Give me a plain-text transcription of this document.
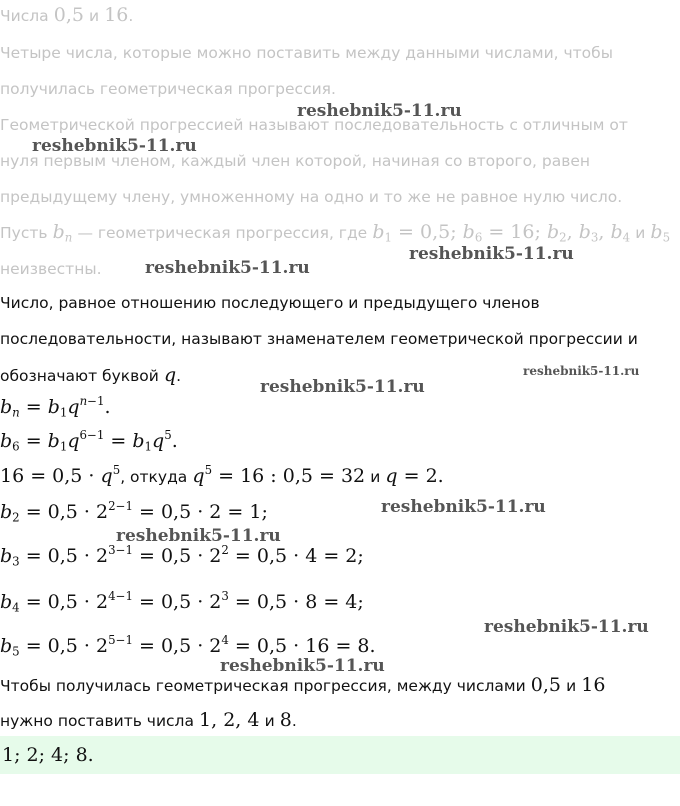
Числа 0,5 и 16.
Четыре числа, которые можно поставить между данными числами, чтобы
получилась геометрическая прогрессия.
Геометрической прогрессией называют последовательность с отличным от
нуля первым членом, каждый член которой, начиная со второго, равен
предыдущему члену, умноженному на одно и то же не равное нулю число.
Пусть $b_n$ — геометрическая прогрессия, где $b_1 = 0,5$; $b_6 = 16$; $b_2$, $b_3$, $b_4$ и $b_5$
неизвестны.
Число, равное отношению последующего и предыдущего членов
последовательности, называют знаменателем геометрической прогрессии и
обозначают буквой q.
$b_n = b_1q^{n-1}$.
$b_6 = b_1q^{6-1} = b_1q^5$.
$16 = 0,5 \cdot q^5$, откуда $q^5 = 16$ : 0,5 = 32 и q = 2.
$b_2 = 0,5 \cdot 2^{2-1} = 0,5 \cdot 2 = 1$;
$b_3 = 0,5 \cdot 2^{3-1} = 0,5 \cdot 2^2 = 0,5 \cdot 4 = 2$;
$b_4 = 0,5 \cdot 2^{4-1} = 0,5 \cdot 2^3 = 0,5 \cdot 8 = 4$;
$b_5 = 0,5 \cdot 2^{5-1} = 0,5 \cdot 2^4 = 0,5 \cdot 16 = 8$.
Чтобы получилась геометрическая прогрессия, между числами 0,5 и 16
нужно поставить числа 1, 2, 4 и 8.
1; 2; 4; 8.
reshebnik5-11.ru
reshebnik5-11.ru
reshebnik5-11.ru
reshebnik5-11.ru
reshebnik5-11.ru
reshebnik5-11.ru
reshebnik5-11.ru
reshebnik5-11.ru
reshebnik5-11.ru
reshebnik5-11.ru
